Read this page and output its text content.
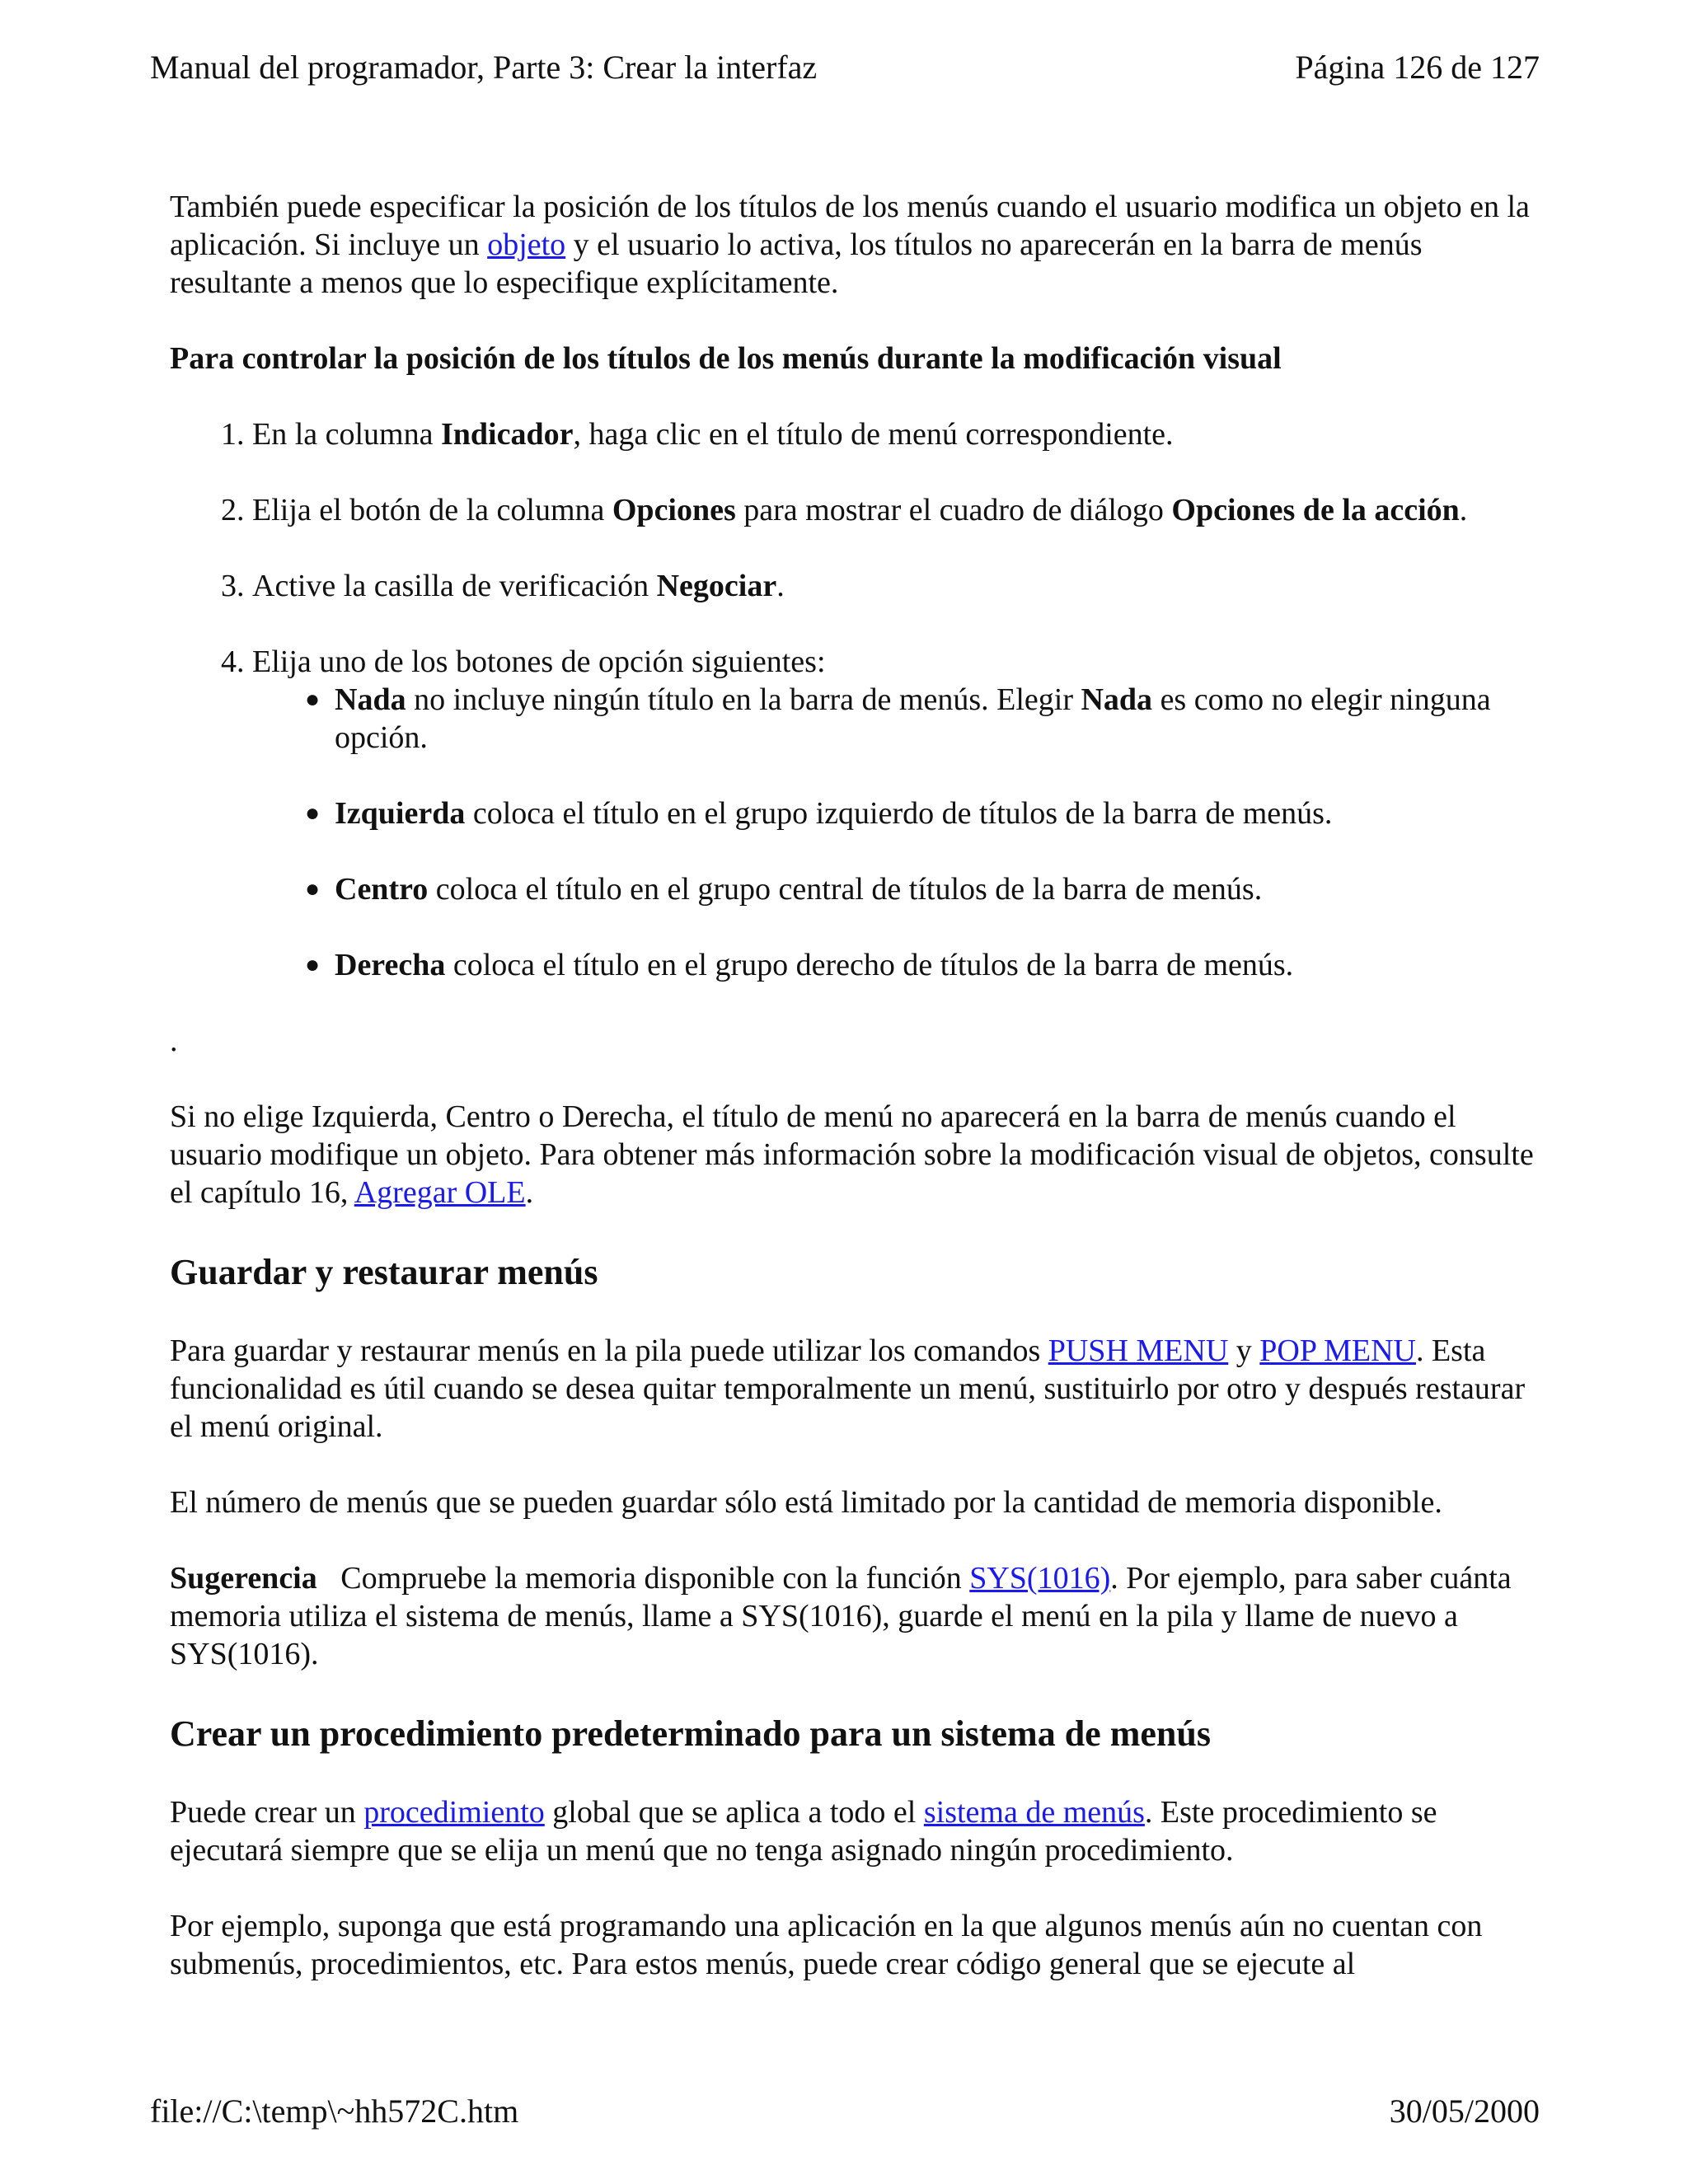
Manual del programador, Parte 3: Crear la interfaz	Página 126 de 127

También puede especificar la posición de los títulos de los menús cuando el usuario modifica un objeto en la aplicación. Si incluye un objeto y el usuario lo activa, los títulos no aparecerán en la barra de menús resultante a menos que lo especifique explícitamente.

Para controlar la posición de los títulos de los menús durante la modificación visual
1. En la columna Indicador, haga clic en el título de menú correspondiente.
2. Elija el botón de la columna Opciones para mostrar el cuadro de diálogo Opciones de la acción.
3. Active la casilla de verificación Negociar.
4. Elija uno de los botones de opción siguientes:
● Nada no incluye ningún título en la barra de menús. Elegir Nada es como no elegir ninguna opción.
● Izquierda coloca el título en el grupo izquierdo de títulos de la barra de menús.
● Centro coloca el título en el grupo central de títulos de la barra de menús.
● Derecha coloca el título en el grupo derecho de títulos de la barra de menús.

.

Si no elige Izquierda, Centro o Derecha, el título de menú no aparecerá en la barra de menús cuando el usuario modifique un objeto. Para obtener más información sobre la modificación visual de objetos, consulte el capítulo 16, Agregar OLE.

Guardar y restaurar menús

Para guardar y restaurar menús en la pila puede utilizar los comandos PUSH MENU y POP MENU. Esta funcionalidad es útil cuando se desea quitar temporalmente un menú, sustituirlo por otro y después restaurar el menú original.

El número de menús que se pueden guardar sólo está limitado por la cantidad de memoria disponible.

Sugerencia   Compruebe la memoria disponible con la función SYS(1016). Por ejemplo, para saber cuánta memoria utiliza el sistema de menús, llame a SYS(1016), guarde el menú en la pila y llame de nuevo a SYS(1016).

Crear un procedimiento predeterminado para un sistema de menús

Puede crear un procedimiento global que se aplica a todo el sistema de menús. Este procedimiento se ejecutará siempre que se elija un menú que no tenga asignado ningún procedimiento.

Por ejemplo, suponga que está programando una aplicación en la que algunos menús aún no cuentan con submenús, procedimientos, etc. Para estos menús, puede crear código general que se ejecute al

file://C:\temp\~hh572C.htm	30/05/2000
